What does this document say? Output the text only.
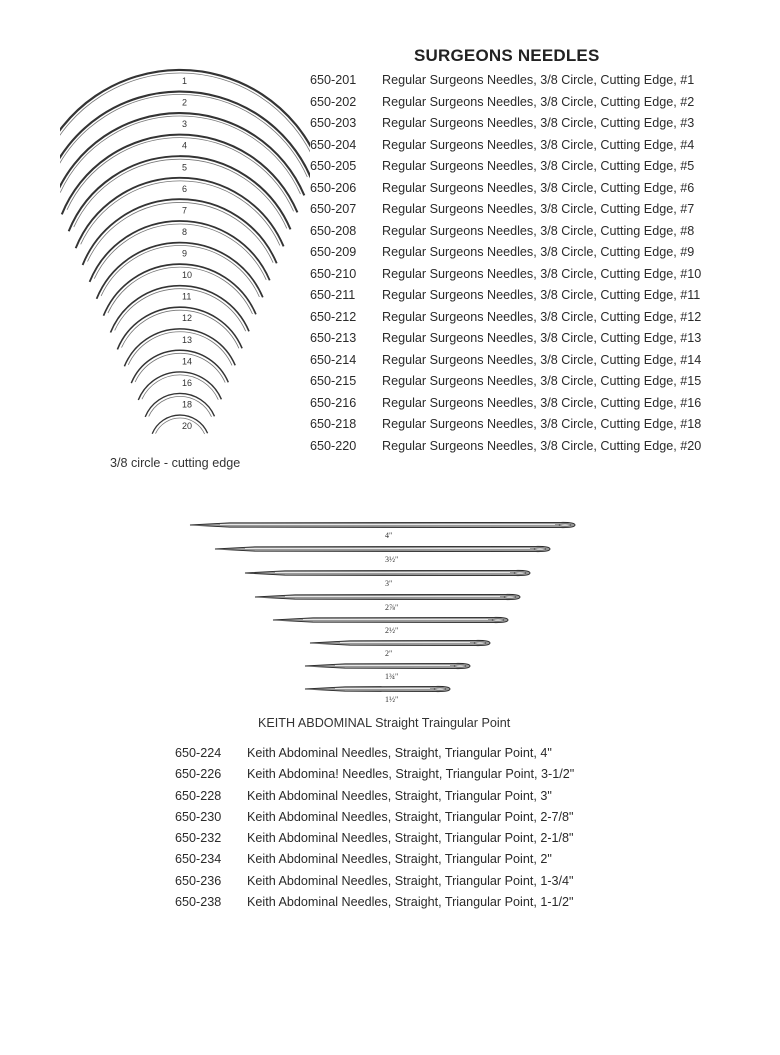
SURGEONS NEEDLES
1
2
3
4
5
6
7
8
9
10
11
12
13
14
16
18
20
650-201 Regular Surgeons Needles, 3/8 Circle, Cutting Edge, #1
650-202 Regular Surgeons Needles, 3/8 Circle, Cutting Edge, #2
650-203 Regular Surgeons Needles, 3/8 Circle, Cutting Edge, #3
650-204 Regular Surgeons Needles, 3/8 Circle, Cutting Edge, #4
650-205 Regular Surgeons Needles, 3/8 Circle, Cutting Edge, #5
650-206 Regular Surgeons Needles, 3/8 Circle, Cutting Edge, #6
650-207 Regular Surgeons Needles, 3/8 Circle, Cutting Edge, #7
650-208 Regular Surgeons Needles, 3/8 Circle, Cutting Edge, #8
650-209 Regular Surgeons Needles, 3/8 Circle, Cutting Edge, #9
650-210 Regular Surgeons Needles, 3/8 Circle, Cutting Edge, #10
650-211 Regular Surgeons Needles, 3/8 Circle, Cutting Edge, #11
650-212 Regular Surgeons Needles, 3/8 Circle, Cutting Edge, #12
650-213 Regular Surgeons Needles, 3/8 Circle, Cutting Edge, #13
650-214 Regular Surgeons Needles, 3/8 Circle, Cutting Edge, #14
650-215 Regular Surgeons Needles, 3/8 Circle, Cutting Edge, #15
650-216 Regular Surgeons Needles, 3/8 Circle, Cutting Edge, #16
650-218 Regular Surgeons Needles, 3/8 Circle, Cutting Edge, #18
650-220 Regular Surgeons Needles, 3/8 Circle, Cutting Edge, #20
3/8 circle - cutting edge
4"
3½"
3"
2⅞"
2½"
2"
1¾"
1½"
KEITH ABDOMINAL Straight Traingular Point
650-224 Keith Abdominal Needles, Straight, Triangular Point, 4"
650-226 Keith Abdomina! Needles, Straight, Triangular Point, 3-1/2"
650-228 Keith Abdominal Needles, Straight, Triangular Point, 3"
650-230 Keith Abdominal Needles, Straight, Triangular Point, 2-7/8"
650-232 Keith Abdominal Needles, Straight, Triangular Point, 2-1/8"
650-234 Keith Abdominal Needles, Straight, Triangular Point, 2"
650-236 Keith Abdominal Needles, Straight, Triangular Point, 1-3/4"
650-238 Keith Abdominal Needles, Straight, Triangular Point, 1-1/2"
